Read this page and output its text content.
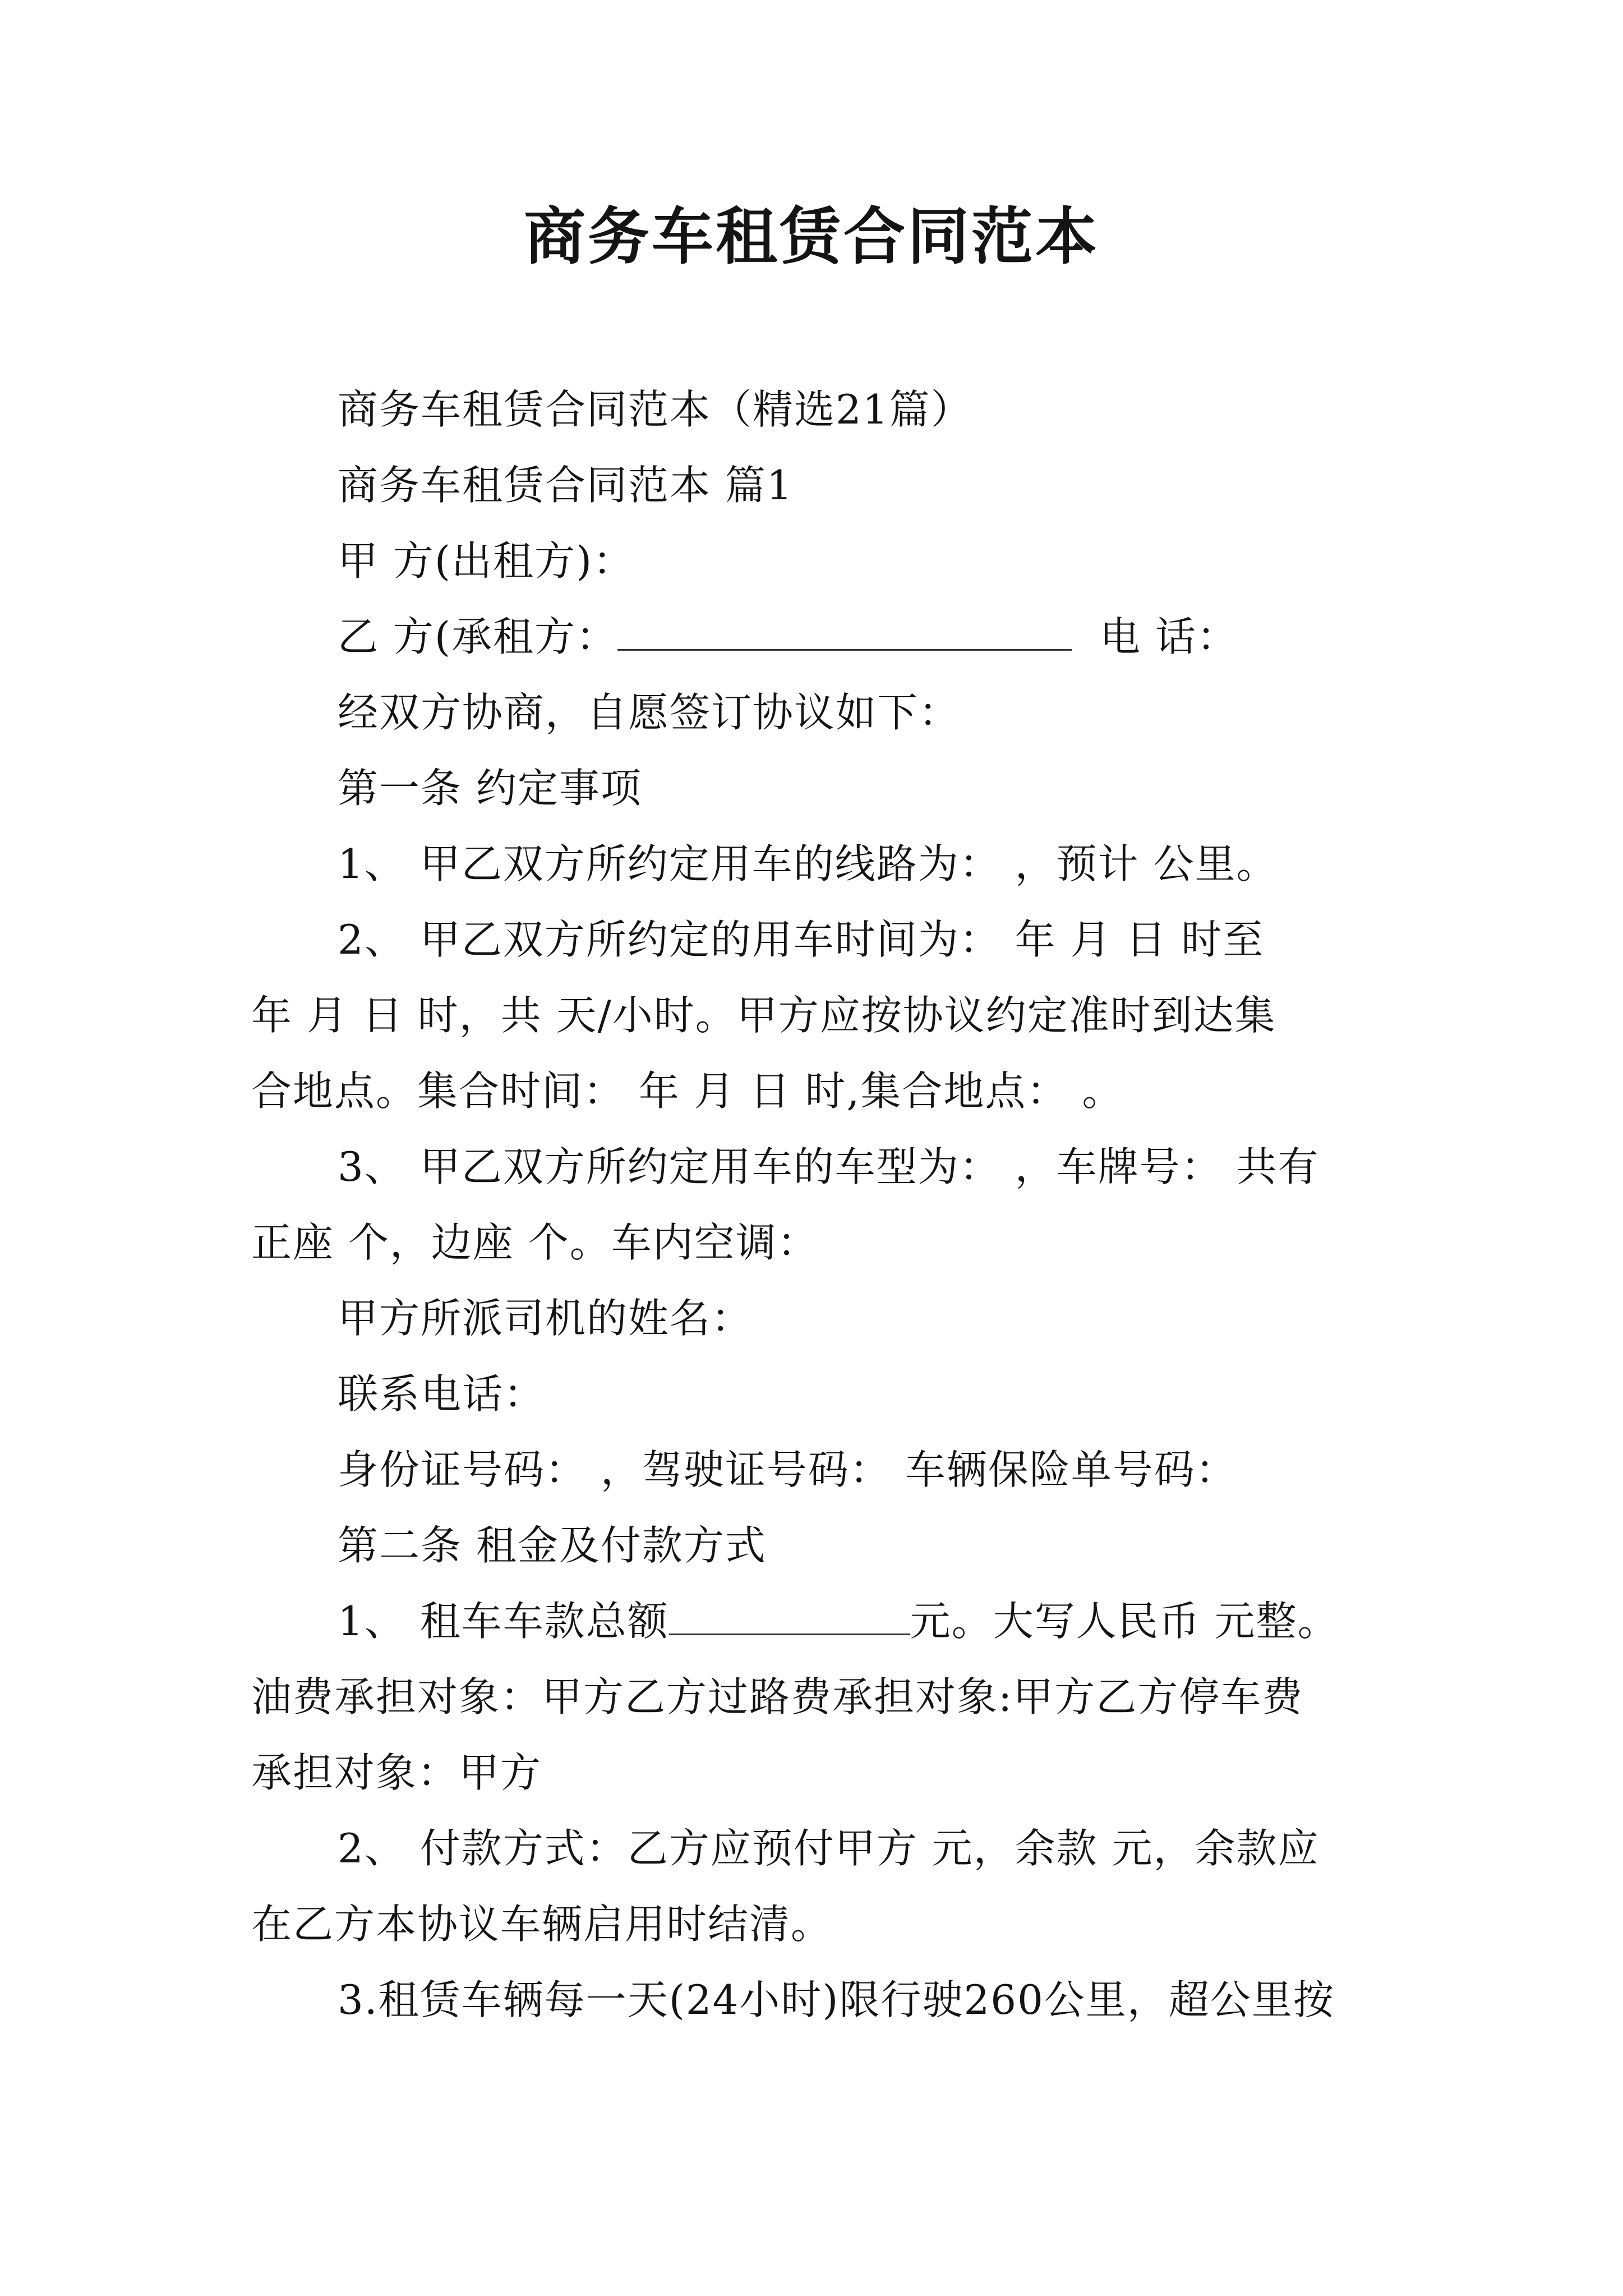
商务车租赁合同范本
商务车租赁合同范本（精选21篇）
商务车租赁合同范本 篇1
甲 方(出租方)：
乙 方(承租方：	电 话：
经双方协商，自愿签订协议如下：
第一条 约定事项
1、 甲乙双方所约定用车的线路为： ，预计 公里。
2、 甲乙双方所约定的用车时间为： 年 月 日 时至
年 月 日 时，共 天/小时。甲方应按协议约定准时到达集
合地点。集合时间： 年 月 日 时,集合地点： 。
3、 甲乙双方所约定用车的车型为： ，车牌号： 共有
正座 个，边座 个。车内空调：
甲方所派司机的姓名：
联系电话：
身份证号码： ，驾驶证号码： 车辆保险单号码：
第二条 租金及付款方式
1、 租车车款总额	元。大写人民币 元整。
油费承担对象：甲方乙方过路费承担对象:甲方乙方停车费
承担对象：甲方
2、 付款方式：乙方应预付甲方 元，余款 元，余款应
在乙方本协议车辆启用时结清。
3.租赁车辆每一天(24小时)限行驶260公里，超公里按
